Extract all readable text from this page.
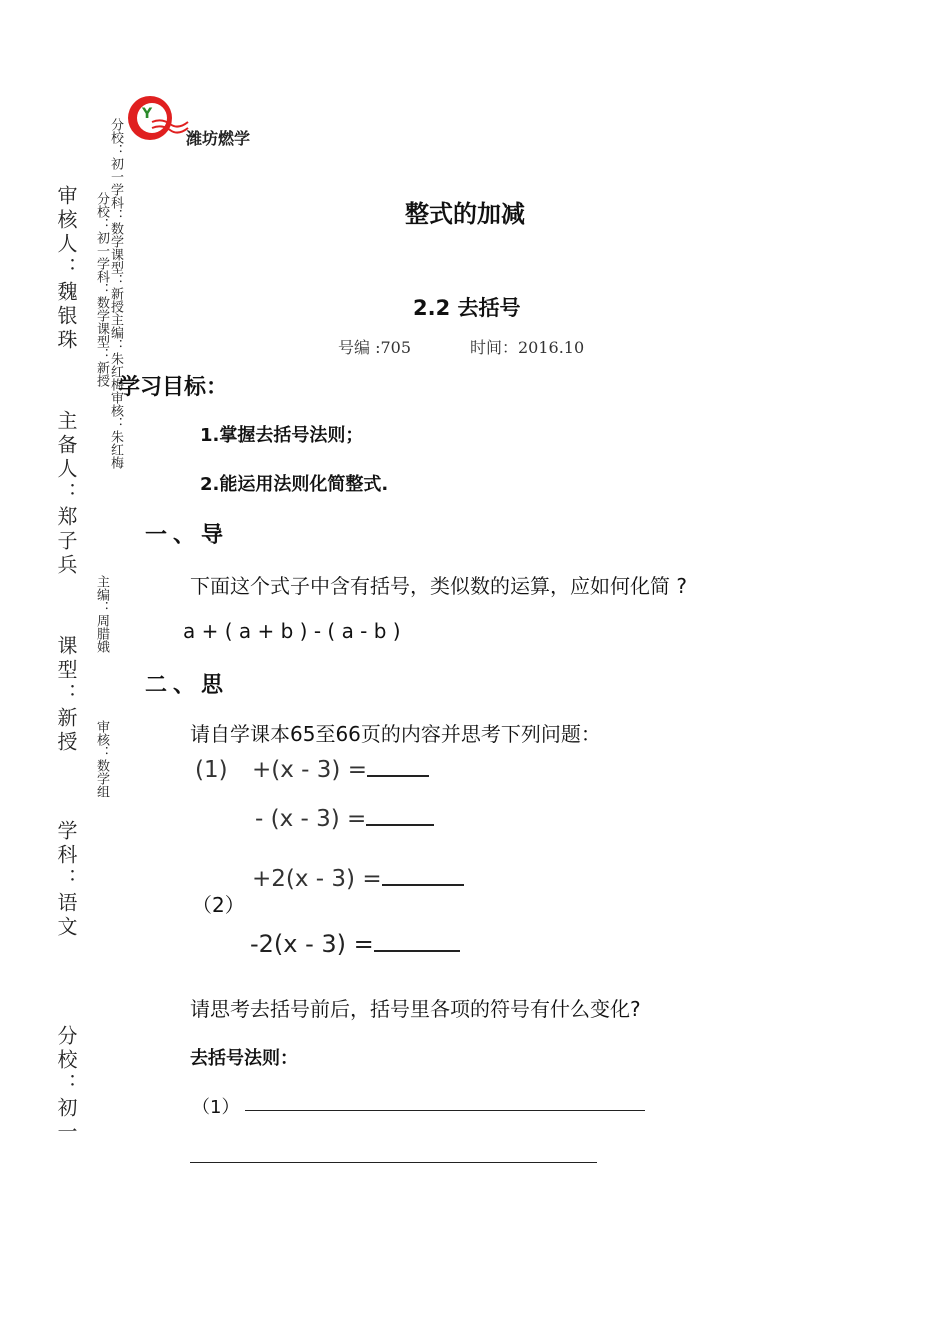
审核人：魏银珠
主备人：郑子兵
课型：新授
学科：语文
分校：初一
分校：初一学科：数学课型：新授主编：朱红梅审核：朱红梅
分校：初一学科：数学课型：新授
主编：周腊娥
审核：数学组
Y
潍坊燃学
整式的加减
2.2 去括号
号编 :705	时间：2016.10
学习目标：
1.掌握去括号法则；
2.能运用法则化简整式.
一、导
下面这个式子中含有括号，类似数的运算，应如何化简 ?
a + ( a + b ) - ( a - b )
二、思
请自学课本65至66页的内容并思考下列问题：
(1) +(x - 3) =
- (x - 3) =
（2）
+2(x - 3) =
-2(x - 3) =
请思考去括号前后，括号里各项的符号有什么变化?
去括号法则：
（1）
